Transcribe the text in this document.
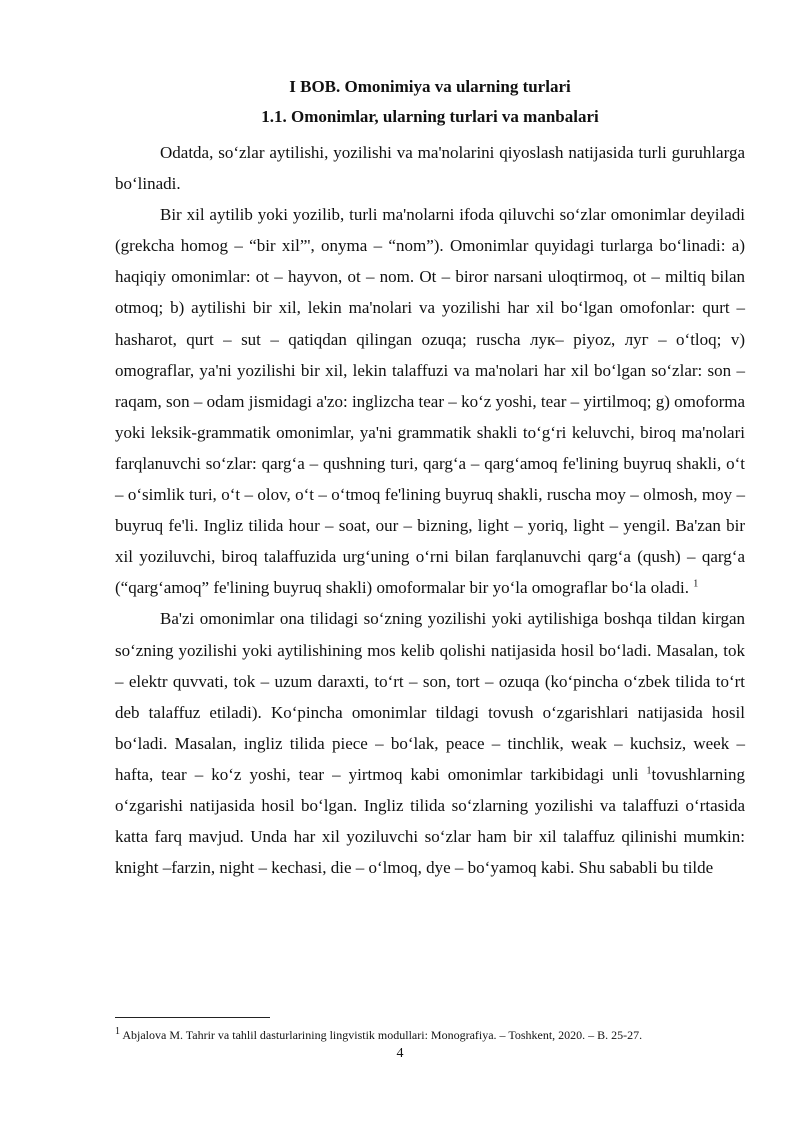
I BOB. Omonimiya va ularning turlari
1.1. Omonimlar, ularning turlari va manbalari

Odatda, so‘zlar aytilishi, yozilishi va ma'nolarini qiyoslash natijasida turli guruhlarga bo‘linadi.

Bir xil aytilib yoki yozilib, turli ma'nolarni ifoda qiluvchi so‘zlar omonimlar deyiladi (grekcha homog – “bir xil”', onyma – “nom”). Omonimlar quyidagi turlarga bo‘linadi: a) haqiqiy omonimlar: ot – hayvon, ot – nom. Ot – biror narsani uloqtirmoq, ot – miltiq bilan otmoq; b) aytilishi bir xil, lekin ma'nolari va yozilishi har xil bo‘lgan omofonlar: qurt – hasharot, qurt – sut – qatiqdan qilingan ozuqa; ruscha лук– piyoz, луг – o‘tloq; v) omograflar, ya'ni yozilishi bir xil, lekin talaffuzi va ma'nolari har xil bo‘lgan so‘zlar: son – raqam, son – odam jismidagi a'zo: inglizcha tear – ko‘z yoshi, tear – yirtilmoq; g) omoforma yoki leksik-grammatik omonimlar, ya'ni grammatik shakli to‘g‘ri keluvchi, biroq ma'nolari farqlanuvchi so‘zlar: qarg‘a – qushning turi, qarg‘a – qarg‘amoq fe'lining buyruq shakli, o‘t – o‘simlik turi, o‘t – olov, o‘t – o‘tmoq fe'lining buyruq shakli, ruscha moy – olmosh, moy – buyruq fe'li. Ingliz tilida hour – soat, our – bizning, light – yoriq, light – yengil. Ba'zan bir xil yoziluvchi, biroq talaffuzida urg‘uning o‘rni bilan farqlanuvchi qarg‘a (qush) – qarg‘a (“qarg‘amoq” fe'lining buyruq shakli) omoformalar bir yo‘la omograflar bo‘la oladi. $^1$

Ba'zi omonimlar ona tilidagi so‘zning yozilishi yoki aytilishiga boshqa tildan kirgan so‘zning yozilishi yoki aytilishining mos kelib qolishi natijasida hosil bo‘ladi. Masalan, tok – elektr quvvati, tok – uzum daraxti, to‘rt – son, tort – ozuqa (ko‘pincha o‘zbek tilida to‘rt deb talaffuz etiladi). Ko‘pincha omonimlar tildagi tovush o‘zgarishlari natijasida hosil bo‘ladi. Masalan, ingliz tilida piece – bo‘lak, peace – tinchlik, weak – kuchsiz, week – hafta, tear – ko‘z yoshi, tear – yirtmoq kabi omonimlar tarkibidagi unli $^1$tovushlarning o‘zgarishi natijasida hosil bo‘lgan. Ingliz tilida so‘zlarning yozilishi va talaffuzi o‘rtasida katta farq mavjud. Unda har xil yoziluvchi so‘zlar ham bir xil talaffuz qilinishi mumkin: knight –farzin, night – kechasi, die – o‘lmoq, dye – bo‘yamoq kabi. Shu sababli bu tilde

$^1$ Abjalova M. Tahrir va tahlil dasturlarining lingvistik modullari: Monografiya. – Toshkent, 2020. – B. 25-27.
4
